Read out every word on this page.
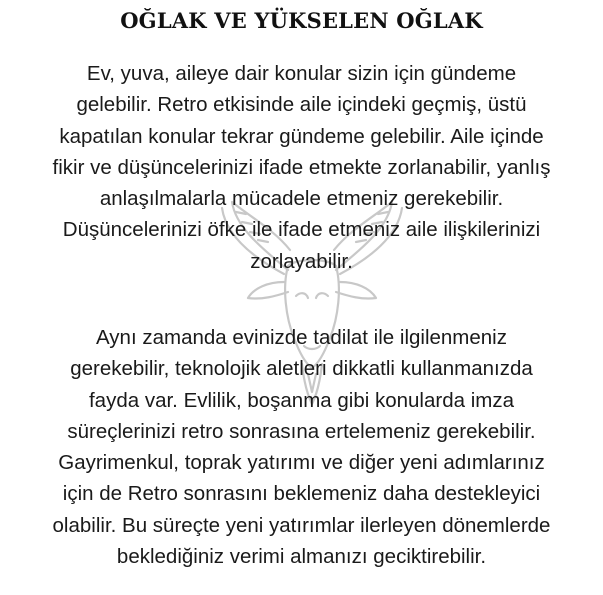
OĞLAK VE YÜKSELEN OĞLAK
Ev, yuva, aileye dair konular sizin için gündeme
gelebilir. Retro etkisinde aile içindeki geçmiş, üstü
kapatılan konular tekrar gündeme gelebilir. Aile içinde
fikir ve düşüncelerinizi ifade etmekte zorlanabilir, yanlış
anlaşılmalarla mücadele etmeniz gerekebilir.
Düşüncelerinizi öfke ile ifade etmeniz aile ilişkilerinizi
zorlayabilir.
Aynı zamanda evinizde tadilat ile ilgilenmeniz
gerekebilir, teknolojik aletleri dikkatli kullanmanızda
fayda var. Evlilik, boşanma gibi konularda imza
süreçlerinizi retro sonrasına ertelemeniz gerekebilir.
Gayrimenkul, toprak yatırımı ve diğer yeni adımlarınız
için de Retro sonrasını beklemeniz daha destekleyici
olabilir. Bu süreçte yeni yatırımlar ilerleyen dönemlerde
beklediğiniz verimi almanızı geciktirebilir.
